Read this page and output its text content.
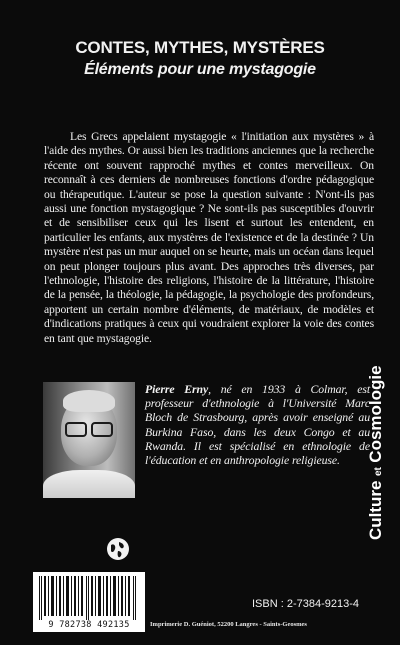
CONTES, MYTHES, MYSTÈRES
Éléments pour une mystagogie

Les Grecs appelaient mystagogie « l'initiation aux mystères » à l'aide des mythes. Or aussi bien les traditions anciennes que la recherche récente ont souvent rapproché mythes et contes merveilleux. On reconnaît à ces derniers de nombreuses fonctions d'ordre pédagogique ou thérapeutique. L'auteur se pose la question suivante : N'ont-ils pas aussi une fonction mystagogique ? Ne sont-ils pas susceptibles d'ouvrir et de sensibiliser ceux qui les lisent et surtout les entendent, en particulier les enfants, aux mystères de l'existence et de la destinée ? Un mystère n'est pas un mur auquel on se heurte, mais un océan dans lequel on peut plonger toujours plus avant. Des approches très diverses, par l'ethnologie, l'histoire des religions, l'histoire de la littérature, l'histoire de la pensée, la théologie, la pédagogie, la psychologie des profondeurs, apportent un certain nombre d'éléments, de matériaux, de modèles et d'indications pratiques à ceux qui voudraient explorer la voie des contes en tant que mystagogie.

Pierre Erny, né en 1933 à Colmar, est professeur d'ethnologie à l'Université Marc Bloch de Strasbourg, après avoir enseigné au Burkina Faso, dans les deux Congo et au Rwanda. Il est spécialisé en ethnologie de l'éducation et en anthropologie religieuse.

9 782738 492135
ISBN : 2-7384-9213-4
Imprimerie D. Guéniot, 52200 Langres - Saints-Geosmes
Culture et Cosmologie
